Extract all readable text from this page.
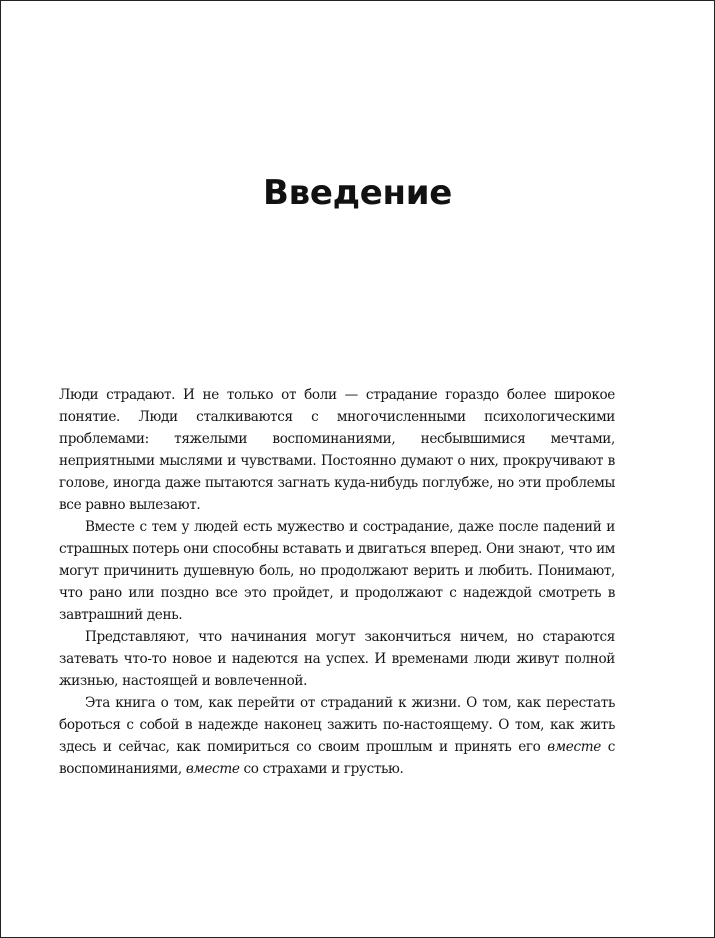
Введение

Люди страдают. И не только от боли — страдание гораздо более широкое понятие. Люди сталкиваются с многочисленными психологическими проблемами: тяжелыми воспоминаниями, несбывшимися мечтами, неприятными мыслями и чувствами. Постоянно думают о них, прокручивают в голове, иногда даже пытаются загнать куда-нибудь поглубже, но эти проблемы все равно вылезают.

Вместе с тем у людей есть мужество и сострадание, даже после падений и страшных потерь они способны вставать и двигаться вперед. Они знают, что им могут причинить душевную боль, но продолжают верить и любить. Понимают, что рано или поздно все это пройдет, и продолжают с надеждой смотреть в завтрашний день.

Представляют, что начинания могут закончиться ничем, но стараются затевать что-то новое и надеются на успех. И временами люди живут полной жизнью, настоящей и вовлеченной.

Эта книга о том, как перейти от страданий к жизни. О том, как перестать бороться с собой в надежде наконец зажить по-настоящему. О том, как жить здесь и сейчас, как помириться со своим прошлым и принять его вместе с воспоминаниями, вместе со страхами и грустью.
